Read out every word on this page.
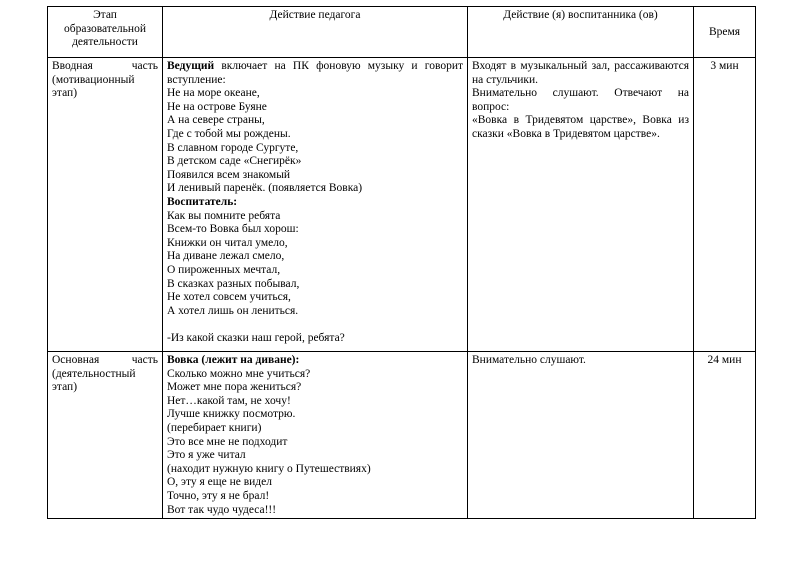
Этап образовательной деятельности
Действие педагога	Действие (я) воспитанника (ов)
Время
Вводная часть
(мотивационный
этап)
Ведущий включает на ПК фоновую музыку и говорит
вступление:
Не на море океане,
Не на острове Буяне
А на севере страны,
Где с тобой мы рождены.
В славном городе Сургуте,
В детском саде «Снегирёк»
Появился всем знакомый
И ленивый паренёк. (появляется Вовка)
Воспитатель:
Как вы помните ребята
Всем-то Вовка был хорош:
Книжки он читал умело,
На диване лежал смело,
О пироженных мечтал,
В сказках разных побывал,
Не хотел совсем учиться,
А хотел лишь он лениться.
-Из какой сказки наш герой, ребята?
Входят в музыкальный зал, рассаживаются
на стульчики.
Внимательно слушают. Отвечают на
вопрос:
«Вовка в Тридевятом царстве», Вовка из
сказки «Вовка в Тридевятом царстве».
3 мин
Основная часть
(деятельностный
этап)
Вовка (лежит на диване):
Сколько можно мне учиться?
Может мне пора жениться?
Нет…какой там, не хочу!
Лучше книжку посмотрю.
(перебирает книги)
Это все мне не подходит
Это я уже читал
(находит нужную книгу о Путешествиях)
О, эту я еще не видел
Точно, эту я не брал!
Вот так чудо чудеса!!!
Внимательно слушают.	24 мин
